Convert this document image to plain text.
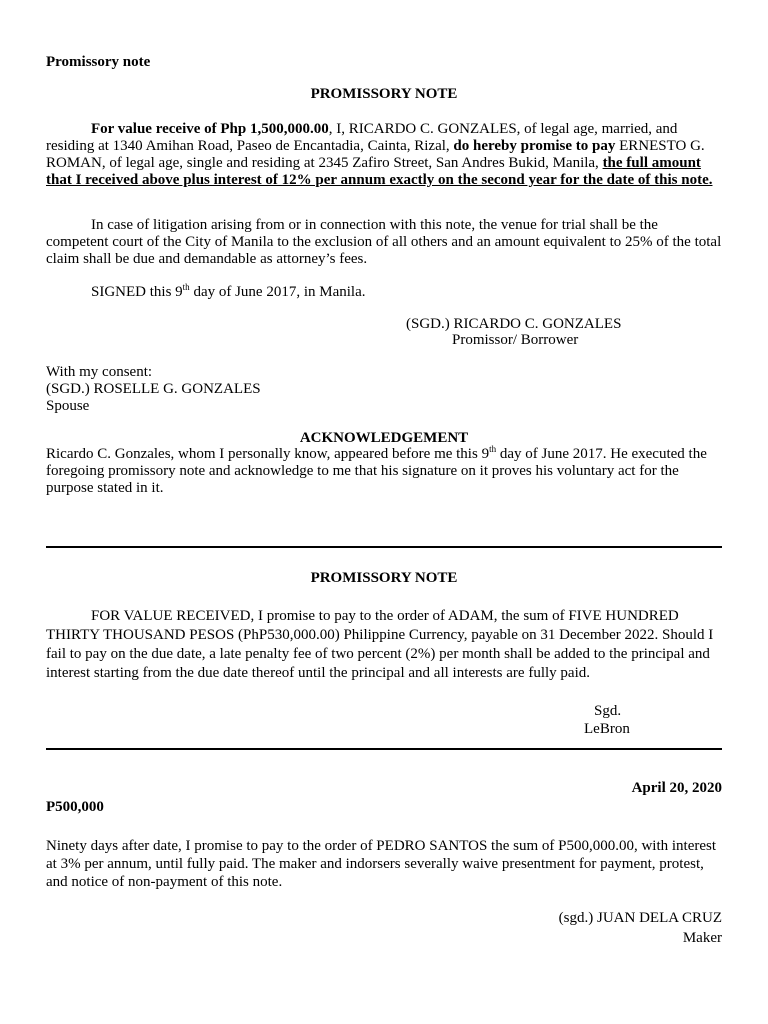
Promissory note
PROMISSORY NOTE
For value receive of Php 1,500,000.00, I, RICARDO C. GONZALES, of legal age, married, and residing at 1340 Amihan Road, Paseo de Encantadia, Cainta, Rizal, do hereby promise to pay ERNESTO G. ROMAN, of legal age, single and residing at 2345 Zafiro Street, San Andres Bukid, Manila, the full amount that I received above plus interest of 12% per annum exactly on the second year for the date of this note.
In case of litigation arising from or in connection with this note, the venue for trial shall be the competent court of the City of Manila to the exclusion of all others and an amount equivalent to 25% of the total claim shall be due and demandable as attorney’s fees.
SIGNED this 9th day of June 2017, in Manila.
(SGD.) RICARDO C. GONZALES
Promissor/ Borrower
With my consent:
(SGD.) ROSELLE G. GONZALES
Spouse
ACKNOWLEDGEMENT
Ricardo C. Gonzales, whom I personally know, appeared before me this 9th day of June 2017. He executed the foregoing promissory note and acknowledge to me that his signature on it proves his voluntary act for the purpose stated in it.
PROMISSORY NOTE
FOR VALUE RECEIVED, I promise to pay to the order of ADAM, the sum of FIVE HUNDRED THIRTY THOUSAND PESOS (PhP530,000.00) Philippine Currency, payable on 31 December 2022. Should I fail to pay on the due date, a late penalty fee of two percent (2%) per month shall be added to the principal and interest starting from the due date thereof until the principal and all interests are fully paid.
Sgd.
LeBron
April 20, 2020
P500,000
Ninety days after date, I promise to pay to the order of PEDRO SANTOS the sum of P500,000.00, with interest at 3% per annum, until fully paid. The maker and indorsers severally waive presentment for payment, protest, and notice of non-payment of this note.
(sgd.) JUAN DELA CRUZ
Maker
